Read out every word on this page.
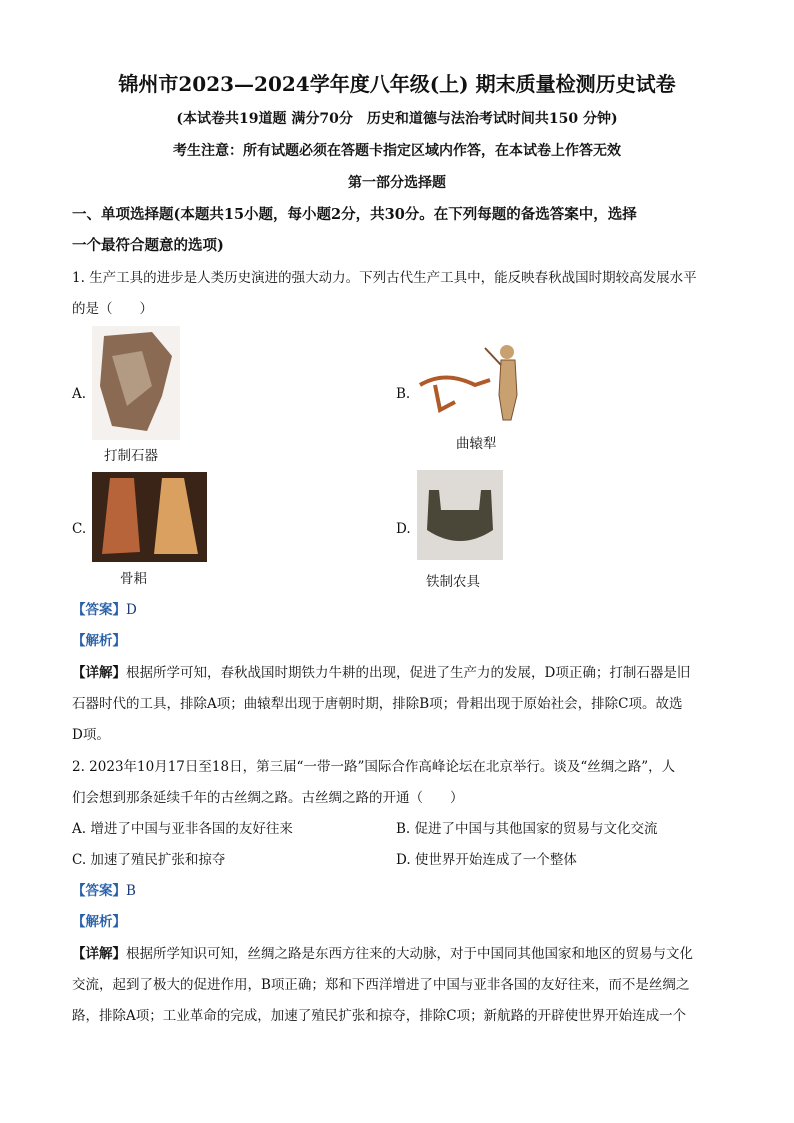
锦州市2023—2024学年度八年级(上) 期末质量检测历史试卷
(本试卷共19道题 满分70分　历史和道德与法治考试时间共150 分钟)
考生注意：所有试题必须在答题卡指定区域内作答，在本试卷上作答无效
第一部分选择题
一、单项选择题(本题共15小题，每小题2分，共30分。在下列每题的备选答案中，选择
一个最符合题意的选项)
1. 生产工具的进步是人类历史演进的强大动力。下列古代生产工具中，能反映春秋战国时期较高发展水平
的是（　　）
A.
打制石器
B.
曲辕犁
C.
骨耜
D.
铁制农具
【答案】D
【解析】
【详解】根据所学可知，春秋战国时期铁力牛耕的出现，促进了生产力的发展，D项正确；打制石器是旧
石器时代的工具，排除A项；曲辕犁出现于唐朝时期，排除B项；骨耜出现于原始社会，排除C项。故选
D项。
2. 2023年10月17日至18日，第三届“一带一路”国际合作高峰论坛在北京举行。谈及“丝绸之路”，人
们会想到那条延续千年的古丝绸之路。古丝绸之路的开通（　　）
A. 增进了中国与亚非各国的友好往来	B. 促进了中国与其他国家的贸易与文化交流
C. 加速了殖民扩张和掠夺	D. 使世界开始连成了一个整体
【答案】B
【解析】
【详解】根据所学知识可知，丝绸之路是东西方往来的大动脉，对于中国同其他国家和地区的贸易与文化
交流，起到了极大的促进作用，B项正确；郑和下西洋增进了中国与亚非各国的友好往来，而不是丝绸之
路，排除A项；工业革命的完成，加速了殖民扩张和掠夺，排除C项；新航路的开辟使世界开始连成一个
